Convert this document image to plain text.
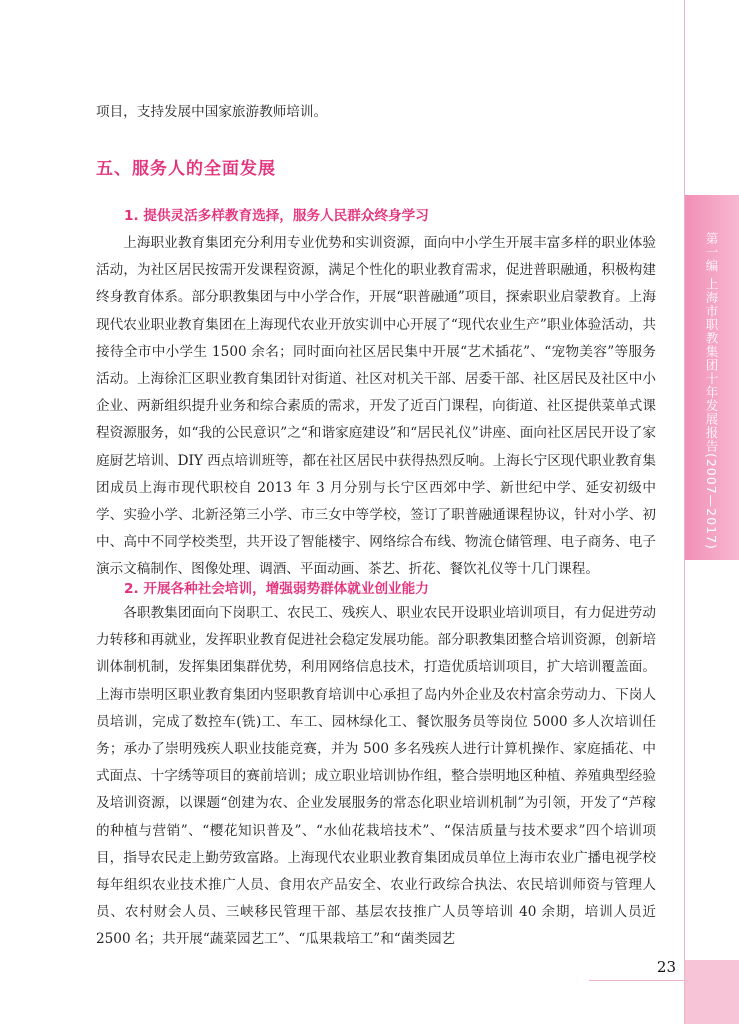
项目，支持发展中国家旅游教师培训。
五、服务人的全面发展
1. 提供灵活多样教育选择，服务人民群众终身学习

上海职业教育集团充分利用专业优势和实训资源，面向中小学生开展丰富多样的职业体验活动，为社区居民按需开发课程资源，满足个性化的职业教育需求，促进普职融通，积极构建终身教育体系。部分职教集团与中小学合作，开展“职普融通”项目，探索职业启蒙教育。上海现代农业职业教育集团在上海现代农业开放实训中心开展了“现代农业生产”职业体验活动，共接待全市中小学生 1500 余名；同时面向社区居民集中开展“艺术插花”、“宠物美容”等服务活动。上海徐汇区职业教育集团针对街道、社区对机关干部、居委干部、社区居民及社区中小企业、两新组织提升业务和综合素质的需求，开发了近百门课程，向街道、社区提供菜单式课程资源服务，如“我的公民意识”之“和谐家庭建设”和“居民礼仪”讲座、面向社区居民开设了家庭厨艺培训、DIY 西点培训班等，都在社区居民中获得热烈反响。上海长宁区现代职业教育集团成员上海市现代职校自 2013 年 3 月分别与长宁区西郊中学、新世纪中学、延安初级中学、实验小学、北新泾第三小学、市三女中等学校，签订了职普融通课程协议，针对小学、初中、高中不同学校类型，共开设了智能楼宇、网络综合布线、物流仓储管理、电子商务、电子演示文稿制作、图像处理、调酒、平面动画、茶艺、折花、餐饮礼仪等十几门课程。

2. 开展各种社会培训，增强弱势群体就业创业能力

各职教集团面向下岗职工、农民工、残疾人、职业农民开设职业培训项目，有力促进劳动力转移和再就业，发挥职业教育促进社会稳定发展功能。部分职教集团整合培训资源，创新培训体制机制，发挥集团集群优势，利用网络信息技术，打造优质培训项目，扩大培训覆盖面。上海市崇明区职业教育集团内竖职教育培训中心承担了岛内外企业及农村富余劳动力、下岗人员培训，完成了数控车(铣)工、车工、园林绿化工、餐饮服务员等岗位 5000 多人次培训任务；承办了崇明残疾人职业技能竞赛，并为 500 多名残疾人进行计算机操作、家庭插花、中式面点、十字绣等项目的赛前培训；成立职业培训协作组，整合崇明地区种植、养殖典型经验及培训资源，以课题“创建为农、企业发展服务的常态化职业培训机制”为引领，开发了“芦稼的种植与营销”、“樱花知识普及”、“水仙花栽培技术”、“保洁质量与技术要求”四个培训项目，指导农民走上勤劳致富路。上海现代农业职业教育集团成员单位上海市农业广播电视学校每年组织农业技术推广人员、食用农产品安全、农业行政综合执法、农民培训师资与管理人员、农村财会人员、三峡移民管理干部、基层农技推广人员等培训 40 余期，培训人员近 2500 名；共开展“蔬菜园艺工”、“瓜果栽培工”和“菌类园艺

第一编 上海市职教集团十年发展报告(2007—2017)
23
